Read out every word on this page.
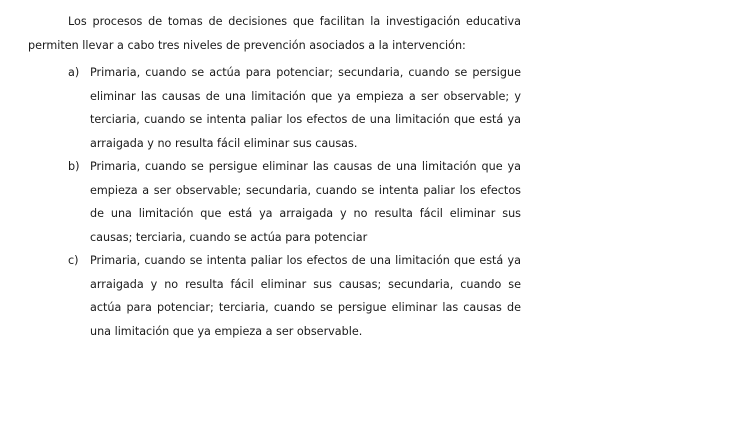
Los procesos de tomas de decisiones que facilitan la investigación educativa permiten llevar a cabo tres niveles de prevención asociados a la intervención:

a) Primaria, cuando se actúa para potenciar; secundaria, cuando se persigue eliminar las causas de una limitación que ya empieza a ser observable; y terciaria, cuando se intenta paliar los efectos de una limitación que está ya arraigada y no resulta fácil eliminar sus causas.
b) Primaria, cuando se persigue eliminar las causas de una limitación que ya empieza a ser observable; secundaria, cuando se intenta paliar los efectos de una limitación que está ya arraigada y no resulta fácil eliminar sus causas; terciaria, cuando se actúa para potenciar
c) Primaria, cuando se intenta paliar los efectos de una limitación que está ya arraigada y no resulta fácil eliminar sus causas; secundaria, cuando se actúa para potenciar; terciaria, cuando se persigue eliminar las causas de una limitación que ya empieza a ser observable.
